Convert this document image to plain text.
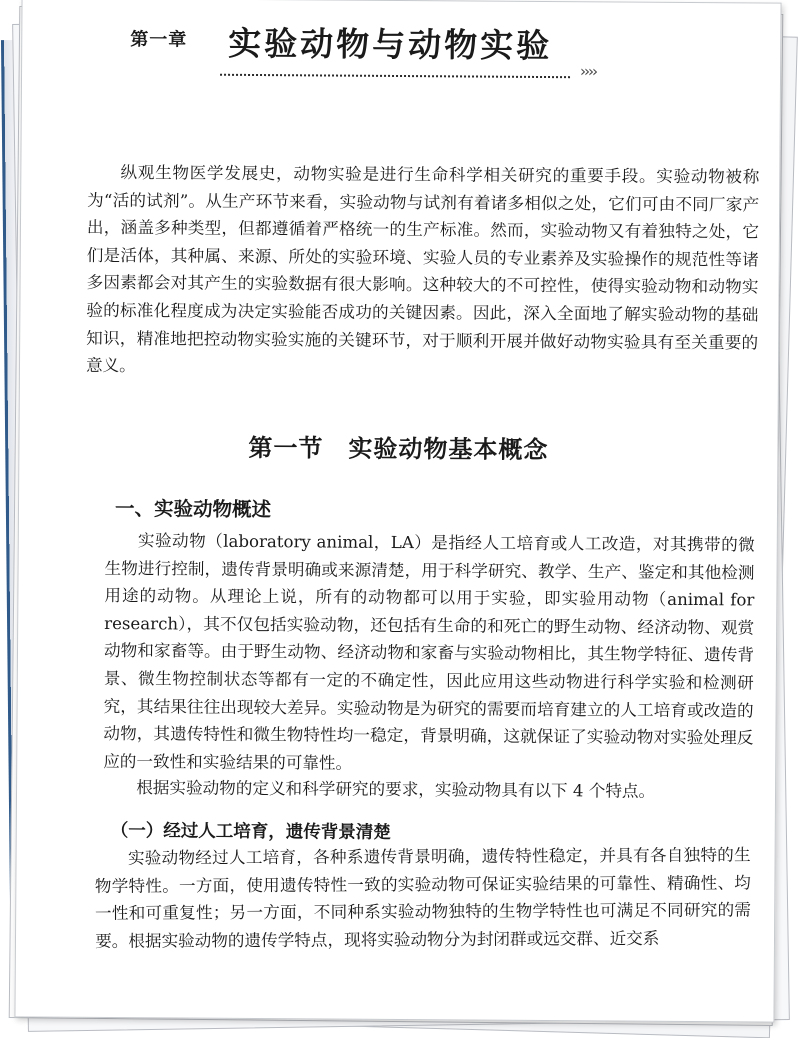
第一章 实验动物与动物实验
››››

纵观生物医学发展史，动物实验是进行生命科学相关研究的重要手段。实验动物被称为“活的试剂”。从生产环节来看，实验动物与试剂有着诸多相似之处，它们可由不同厂家产出，涵盖多种类型，但都遵循着严格统一的生产标准。然而，实验动物又有着独特之处，它们是活体，其种属、来源、所处的实验环境、实验人员的专业素养及实验操作的规范性等诸多因素都会对其产生的实验数据有很大影响。这种较大的不可控性，使得实验动物和动物实验的标准化程度成为决定实验能否成功的关键因素。因此，深入全面地了解实验动物的基础知识，精准地把控动物实验实施的关键环节，对于顺利开展并做好动物实验具有至关重要的意义。

第一节　实验动物基本概念
一、实验动物概述

实验动物（laboratory animal，LA）是指经人工培育或人工改造，对其携带的微生物进行控制，遗传背景明确或来源清楚，用于科学研究、教学、生产、鉴定和其他检测用途的动物。从理论上说，所有的动物都可以用于实验，即实验用动物（animal for research），其不仅包括实验动物，还包括有生命的和死亡的野生动物、经济动物、观赏动物和家畜等。由于野生动物、经济动物和家畜与实验动物相比，其生物学特征、遗传背景、微生物控制状态等都有一定的不确定性，因此应用这些动物进行科学实验和检测研究，其结果往往出现较大差异。实验动物是为研究的需要而培育建立的人工培育或改造的动物，其遗传特性和微生物特性均一稳定，背景明确，这就保证了实验动物对实验处理反应的一致性和实验结果的可靠性。

根据实验动物的定义和科学研究的要求，实验动物具有以下 4 个特点。

（一）经过人工培育，遗传背景清楚

实验动物经过人工培育，各种系遗传背景明确，遗传特性稳定，并具有各自独特的生物学特性。一方面，使用遗传特性一致的实验动物可保证实验结果的可靠性、精确性、均一性和可重复性；另一方面，不同种系实验动物独特的生物学特性也可满足不同研究的需要。根据实验动物的遗传学特点，现将实验动物分为封闭群或远交群、近交系
